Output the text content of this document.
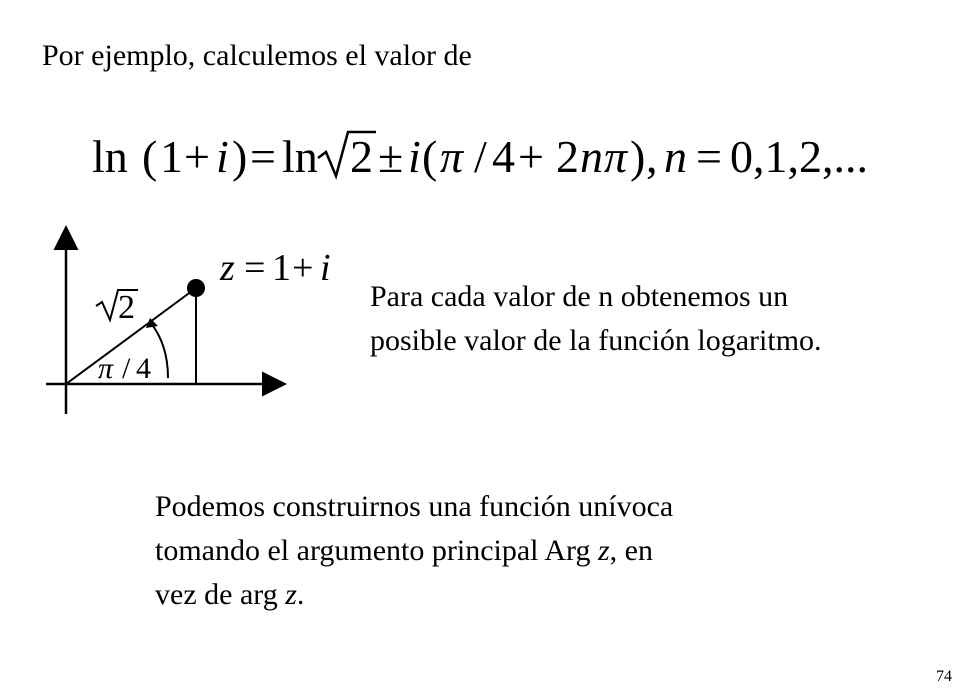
Por ejemplo, calculemos el valor de
ln ( 1 + i ) = ln 2 ± i ( π / 4 + 2 n π ) , n = 0,1,2,...
2
π / 4
z = 1 + i
Para cada valor de n obtenemos un
posible valor de la función logaritmo.
Podemos construirnos una función unívoca
tomando el argumento principal Arg z, en
vez de arg z.
74
